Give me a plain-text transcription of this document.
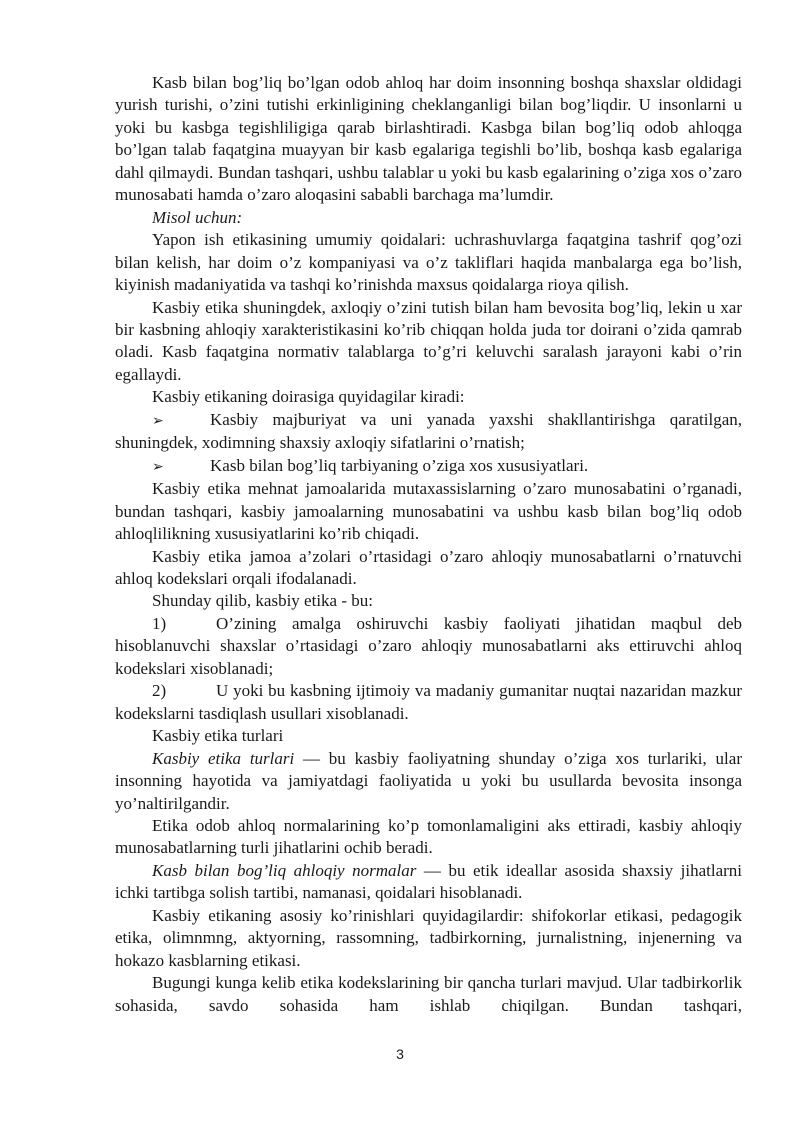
Kasb bilan bog’liq bo’lgan odob ahloq har doim insonning boshqa shaxslar oldidagi yurish turishi, o’zini tutishi erkinligining cheklanganligi bilan bog’liqdir. U insonlarni u yoki bu kasbga tegishliligiga qarab birlashtiradi. Kasbga bilan bog’liq odob ahloqga bo’lgan talab faqatgina muayyan bir kasb egalariga tegishli bo’lib, boshqa kasb egalariga dahl qilmaydi. Bundan tashqari, ushbu talablar u yoki bu kasb egalarining o’ziga xos o’zaro munosabati hamda o’zaro aloqasini sababli barchaga ma’lumdir.

Misol uchun:

Yapon ish etikasining umumiy qoidalari: uchrashuvlarga faqatgina tashrif qog’ozi bilan kelish, har doim o’z kompaniyasi va o’z takliflari haqida manbalarga ega bo’lish, kiyinish madaniyatida va tashqi ko’rinishda maxsus qoidalarga rioya qilish.

Kasbiy etika shuningdek, axloqiy o’zini tutish bilan ham bevosita bog’liq, lekin u xar bir kasbning ahloqiy xarakteristikasini ko’rib chiqqan holda juda tor doirani o’zida qamrab oladi. Kasb faqatgina normativ talablarga to’g’ri keluvchi saralash jarayoni kabi o’rin egallaydi.

Kasbiy etikaning doirasiga quyidagilar kiradi:

➢	Kasbiy majburiyat va uni yanada yaxshi shakllantirishga qaratilgan, shuningdek, xodimning shaxsiy axloqiy sifatlarini o’rnatish;

➢	Kasb bilan bog’liq tarbiyaning o’ziga xos xususiyatlari.

Kasbiy etika mehnat jamoalarida mutaxassislarning o’zaro munosabatini o’rganadi, bundan tashqari, kasbiy jamoalarning munosabatini va ushbu kasb bilan bog’liq odob ahloqlilikning xususiyatlarini ko’rib chiqadi.

Kasbiy etika jamoa a’zolari o’rtasidagi o’zaro ahloqiy munosabatlarni o’rnatuvchi ahloq kodekslari orqali ifodalanadi.

Shunday qilib, kasbiy etika - bu:

1)	O’zining amalga oshiruvchi kasbiy faoliyati jihatidan maqbul deb hisoblanuvchi shaxslar o’rtasidagi o’zaro ahloqiy munosabatlarni aks ettiruvchi ahloq kodekslari xisoblanadi;

2)	U yoki bu kasbning ijtimoiy va madaniy gumanitar nuqtai nazaridan mazkur kodekslarni tasdiqlash usullari xisoblanadi.

Kasbiy etika turlari

Kasbiy etika turlari — bu kasbiy faoliyatning shunday o’ziga xos turlariki, ular insonning hayotida va jamiyatdagi faoliyatida u yoki bu usullarda bevosita insonga yo’naltirilgandir.

Etika odob ahloq normalarining ko’p tomonlamaligini aks ettiradi, kasbiy ahloqiy munosabatlarning turli jihatlarini ochib beradi.

Kasb bilan bog’liq ahloqiy normalar — bu etik ideallar asosida shaxsiy jihatlarni ichki tartibga solish tartibi, namanasi, qoidalari hisoblanadi.

Kasbiy etikaning asosiy ko’rinishlari quyidagilardir: shifokorlar etikasi, pedagogik etika, olimnmng, aktyorning, rassomning, tadbirkorning, jurnalistning, injenerning va hokazo kasblarning etikasi.

Bugungi kunga kelib etika kodekslarining bir qancha turlari mavjud. Ular tadbirkorlik sohasida, savdo sohasida ham ishlab chiqilgan. Bundan tashqari,

3
